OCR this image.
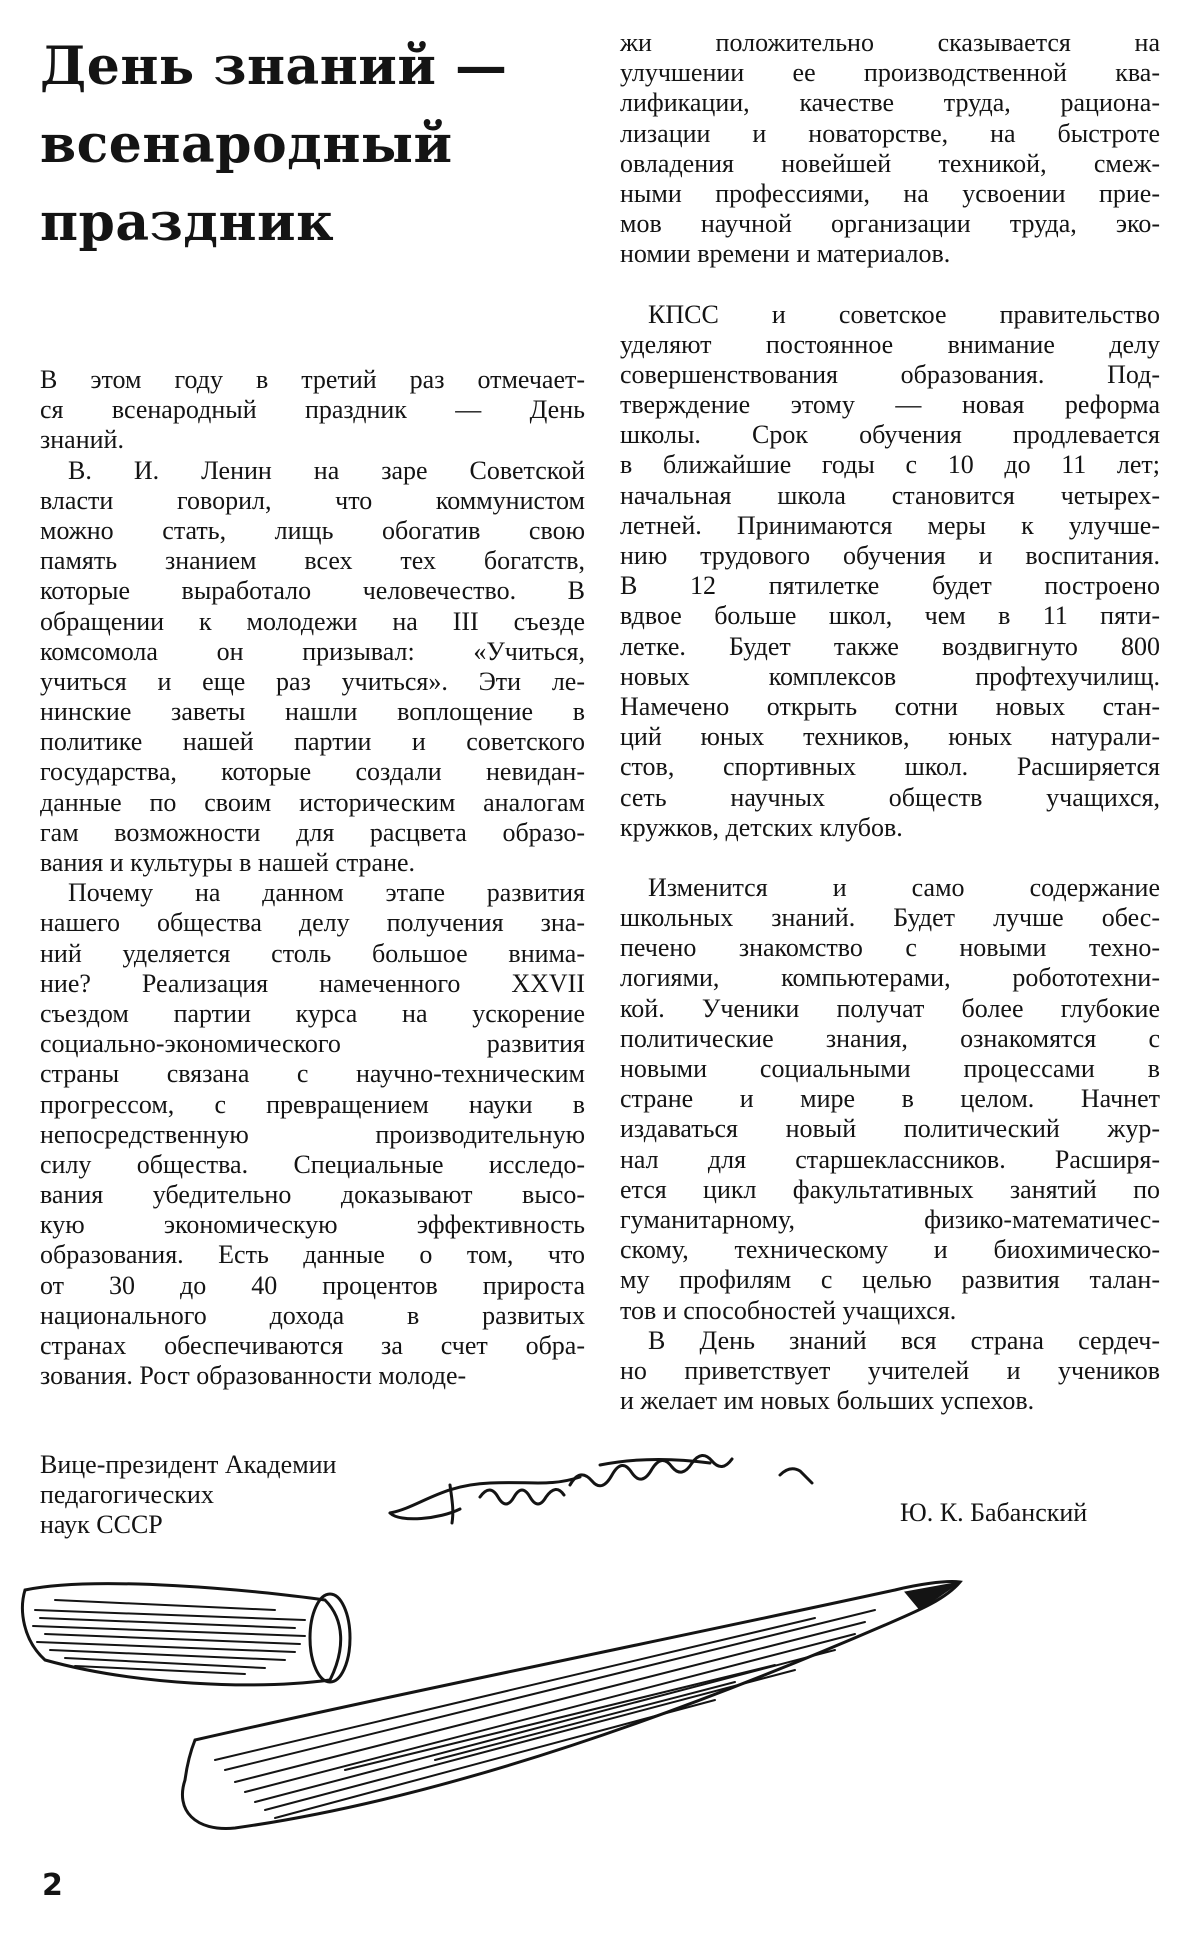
День знаний —
всенародный
праздник
В этом году в третий раз отмечает-
ся всенародный праздник — День
знаний.
В. И. Ленин на заре Советской
власти говорил, что коммунистом
можно стать, лищь обогатив свою
память знанием всех тех богатств,
которые выработало человечество. В
обращении к молодежи на III съезде
комсомола он призывал: «Учиться,
учиться и еще раз учиться». Эти ле-
нинские заветы нашли воплощение в
политике нашей партии и советского
государства, которые создали невидан-
данные по своим историческим аналогам
гам возможности для расцвета образо-
вания и культуры в нашей стране.
Почему на данном этапе развития
нашего общества делу получения зна-
ний уделяется столь большое внима-
ние? Реализация намеченного XXVII
съездом партии курса на ускорение
социально-экономического развития
страны связана с научно-техническим
прогрессом, с превращением науки в
непосредственную производительную
силу общества. Специальные исследо-
вания убедительно доказывают высо-
кую экономическую эффективность
образования. Есть данные о том, что
от 30 до 40 процентов прироста
национального дохода в развитых
странах обеспечиваются за счет обра-
зования. Рост образованности молоде-
жи положительно сказывается на
улучшении ее производственной ква-
лификации, качестве труда, рациона-
лизации и новаторстве, на быстроте
овладения новейшей техникой, смеж-
ными профессиями, на усвоении прие-
мов научной организации труда, эко-
номии времени и материалов.
КПСС и советское правительство
уделяют постоянное внимание делу
совершенствования образования. Под-
тверждение этому — новая реформа
школы. Срок обучения продлевается
в ближайшие годы с 10 до 11 лет;
начальная школа становится четырех-
летней. Принимаются меры к улучше-
нию трудового обучения и воспитания.
В 12 пятилетке будет построено
вдвое больше школ, чем в 11 пяти-
летке. Будет также воздвигнуто 800
новых комплексов профтехучилищ.
Намечено открыть сотни новых стан-
ций юных техников, юных натурали-
стов, спортивных школ. Расширяется
сеть научных обществ учащихся,
кружков, детских клубов.
Изменится и само содержание
школьных знаний. Будет лучше обес-
печено знакомство с новыми техно-
логиями, компьютерами, робототехни-
кой. Ученики получат более глубокие
политические знания, ознакомятся с
новыми социальными процессами в
стране и мире в целом. Начнет
издаваться новый политический жур-
нал для старшеклассников. Расширя-
ется цикл факультативных занятий по
гуманитарному, физико-математичес-
скому, техническому и биохимическо-
му профилям с целью развития талан-
тов и способностей учащихся.
В День знаний вся страна сердеч-
но приветствует учителей и учеников
и желает им новых больших успехов.
Вице-президент Академии
педагогических
наук СССР	Ю. К. Бабанский
2
